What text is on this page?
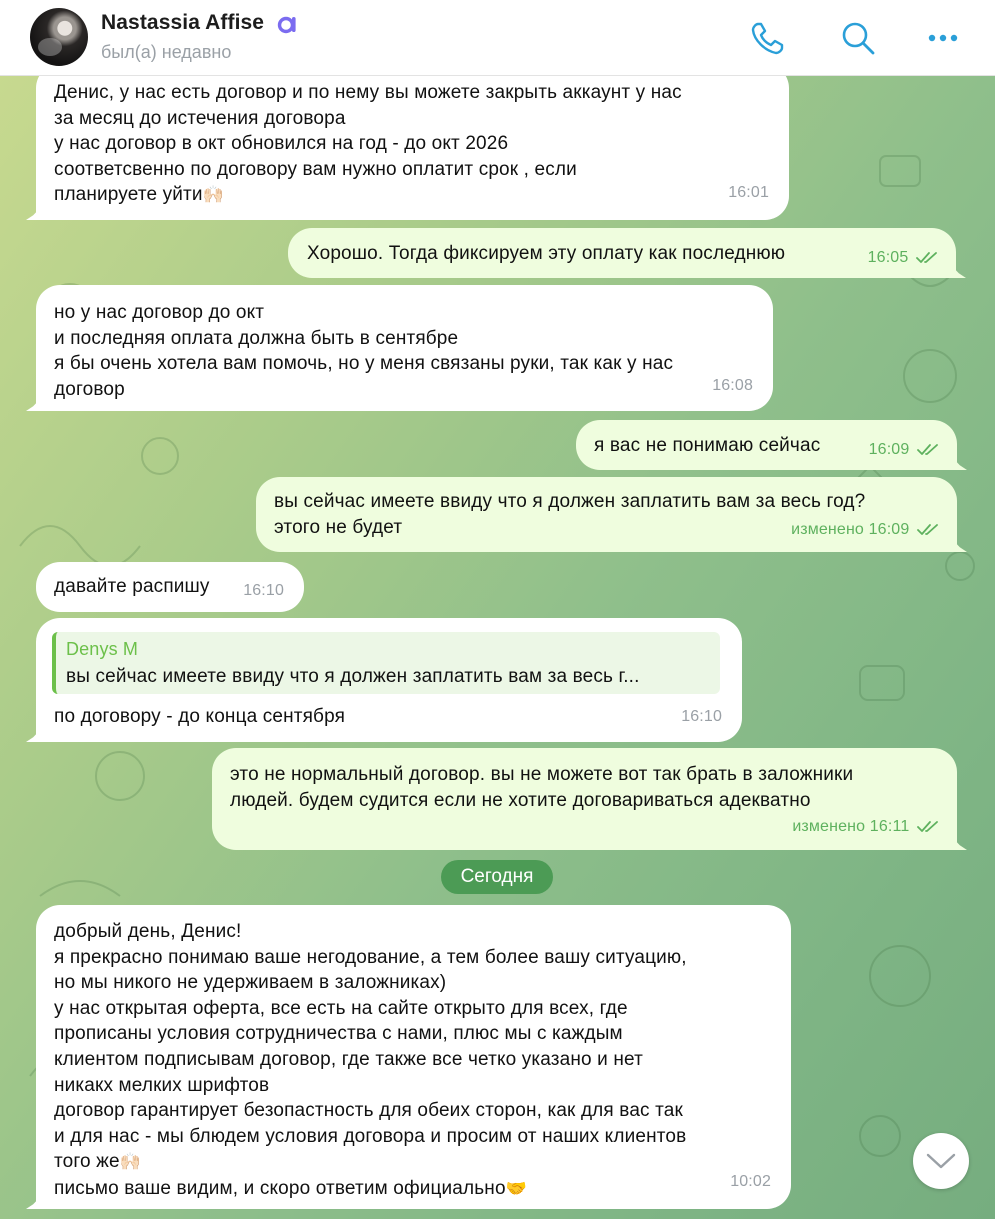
Nastassia Affise
был(а) недавно
Денис, у нас есть договор и по нему вы можете закрыть аккаунт у нас
за месяц до истечения договора
у нас договор в окт обновился на год - до окт 2026
соответсвенно по договору вам нужно оплатит срок , если
планируете уйти🙌🏻	16:01
Хорошо. Тогда фиксируем эту оплату как последнюю	16:05
но у нас договор до окт
и последняя оплата должна быть в сентябре
я бы очень хотела вам помочь, но у меня связаны руки, так как у нас
договор	16:08
я вас не понимаю сейчас	16:09
вы сейчас имеете ввиду что я должен заплатить вам за весь год?
этого не будет	изменено 16:09
давайте распишу 16:10
Denys M
вы сейчас имеете ввиду что я должен заплатить вам за весь г...
по договору - до конца сентября	16:10
это не нормальный договор. вы не можете вот так брать в заложники
людей. будем судится если не хотите договариваться адекватно
изменено 16:11
Сегодня
добрый день, Денис!
я прекрасно понимаю ваше негодование, а тем более вашу ситуацию,
но мы никого не удерживаем в заложниках)
у нас открытая оферта, все есть на сайте открыто для всех, где
прописаны условия сотрудничества с нами, плюс мы с каждым
клиентом подписывам договор, где также все четко указано и нет
никакх мелких шрифтов
договор гарантирует безопастность для обеих сторон, как для вас так
и для нас - мы блюдем условия договора и просим от наших клиентов
того же🙌🏻
письмо ваше видим, и скоро ответим официально🤝	10:02
